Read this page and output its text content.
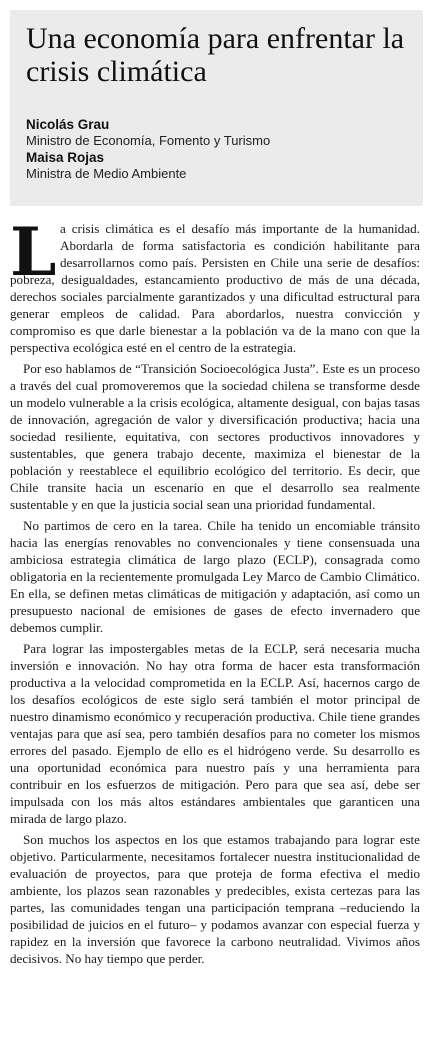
Una economía para enfrentar la crisis climática
Nicolás Grau
Ministro de Economía, Fomento y Turismo
Maisa Rojas
Ministra de Medio Ambiente
L a crisis climática es el desafío más importante de la humanidad. Abordarla de forma satisfactoria es condición habilitante para desarrollarnos como país. Persisten en Chile una serie de desafíos: pobreza, desigualdades, estancamiento productivo de más de una década, derechos sociales parcialmente garantizados y una dificultad estructural para generar empleos de calidad. Para abordarlos, nuestra convicción y compromiso es que darle bienestar a la población va de la mano con que la perspectiva ecológica esté en el centro de la estrategia.

Por eso hablamos de “Transición Socioecológica Justa”. Este es un proceso a través del cual promoveremos que la sociedad chilena se transforme desde un modelo vulnerable a la crisis ecológica, altamente desigual, con bajas tasas de innovación, agregación de valor y diversificación productiva; hacia una sociedad resiliente, equitativa, con sectores productivos innovadores y sustentables, que genera trabajo decente, maximiza el bienestar de la población y reestablece el equilibrio ecológico del territorio. Es decir, que Chile transite hacia un escenario en que el desarrollo sea realmente sustentable y en que la justicia social sean una prioridad fundamental.

No partimos de cero en la tarea. Chile ha tenido un encomiable tránsito hacia las energías renovables no convencionales y tiene consensuada una ambiciosa estrategia climática de largo plazo (ECLP), consagrada como obligatoria en la recientemente promulgada Ley Marco de Cambio Climático. En ella, se definen metas climáticas de mitigación y adaptación, así como un presupuesto nacional de emisiones de gases de efecto invernadero que debemos cumplir.

Para lograr las impostergables metas de la ECLP, será necesaria mucha inversión e innovación. No hay otra forma de hacer esta transformación productiva a la velocidad comprometida en la ECLP. Así, hacernos cargo de los desafíos ecológicos de este siglo será también el motor principal de nuestro dinamismo económico y recuperación productiva. Chile tiene grandes ventajas para que así sea, pero también desafíos para no cometer los mismos errores del pasado. Ejemplo de ello es el hidrógeno verde. Su desarrollo es una oportunidad económica para nuestro país y una herramienta para contribuir en los esfuerzos de mitigación. Pero para que sea así, debe ser impulsada con los más altos estándares ambientales que garanticen una mirada de largo plazo.

Son muchos los aspectos en los que estamos trabajando para lograr este objetivo. Particularmente, necesitamos fortalecer nuestra institucionalidad de evaluación de proyectos, para que proteja de forma efectiva el medio ambiente, los plazos sean razonables y predecibles, exista certezas para las partes, las comunidades tengan una participación temprana –reduciendo la posibilidad de juicios en el futuro– y podamos avanzar con especial fuerza y rapidez en la inversión que favorece la carbono neutralidad. Vivimos años decisivos. No hay tiempo que perder.
